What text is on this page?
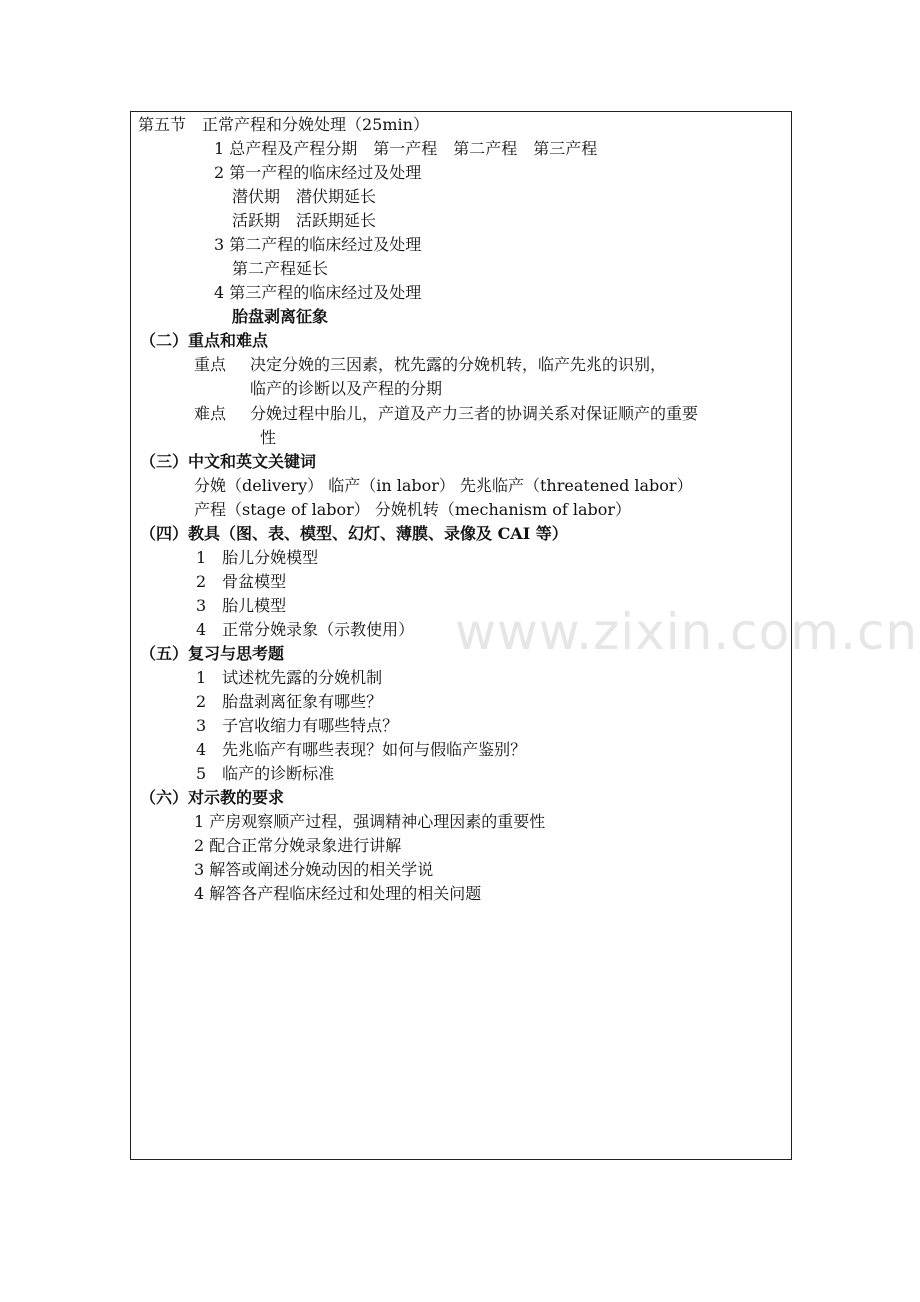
www.zixin.com.cn
第五节　正常产程和分娩处理（25min）
1 总产程及产程分期　第一产程　第二产程　第三产程
2 第一产程的临床经过及处理
潜伏期　潜伏期延长
活跃期　活跃期延长
3 第二产程的临床经过及处理
第二产程延长
4 第三产程的临床经过及处理
胎盘剥离征象
（二）重点和难点
重点 决定分娩的三因素，枕先露的分娩机转，临产先兆的识别，
临产的诊断以及产程的分期
难点 分娩过程中胎儿，产道及产力三者的协调关系对保证顺产的重要
性
（三）中文和英文关键词
分娩（delivery） 临产（in labor） 先兆临产（threatened labor）
产程（stage of labor） 分娩机转（mechanism of labor）
（四）教具（图、表、模型、幻灯、薄膜、录像及 CAI 等）
1　胎儿分娩模型
2　骨盆模型
3　胎儿模型
4　正常分娩录象（示教使用）
（五）复习与思考题
1　试述枕先露的分娩机制
2　胎盘剥离征象有哪些？
3　子宫收缩力有哪些特点？
4　先兆临产有哪些表现？如何与假临产鉴别？
5　临产的诊断标准
（六）对示教的要求
1 产房观察顺产过程，强调精神心理因素的重要性
2 配合正常分娩录象进行讲解
3 解答或阐述分娩动因的相关学说
4 解答各产程临床经过和处理的相关问题
